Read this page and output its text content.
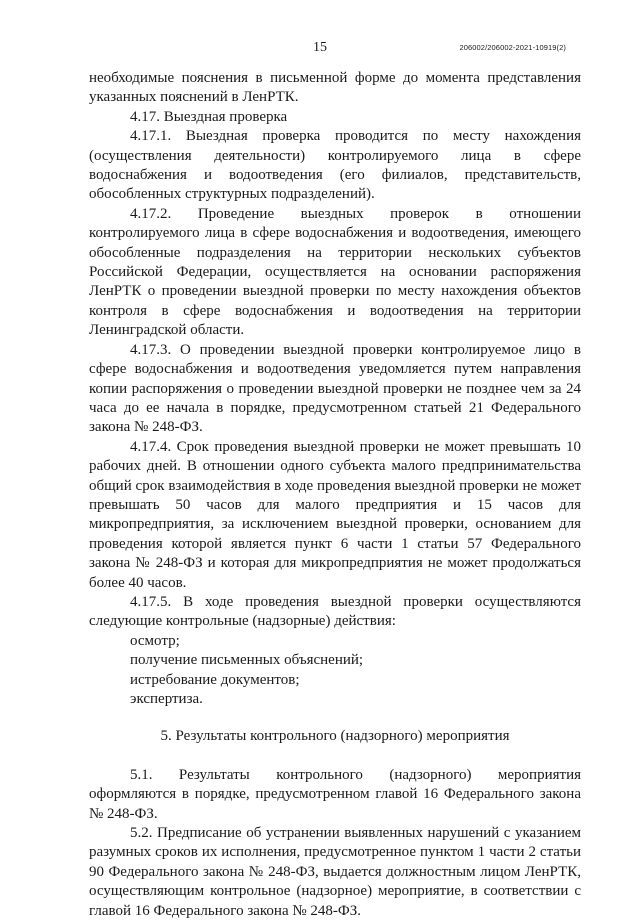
15	206002/206002-2021-10919(2)

необходимые пояснения в письменной форме до момента представления указанных пояснений в ЛенРТК.

4.17. Выездная проверка

4.17.1. Выездная проверка проводится по месту нахождения (осуществления деятельности) контролируемого лица в сфере водоснабжения и водоотведения (его филиалов, представительств, обособленных структурных подразделений).

4.17.2. Проведение выездных проверок в отношении контролируемого лица в сфере водоснабжения и водоотведения, имеющего обособленные подразделения на территории нескольких субъектов Российской Федерации, осуществляется на основании распоряжения ЛенРТК о проведении выездной проверки по месту нахождения объектов контроля в сфере водоснабжения и водоотведения на территории Ленинградской области.

4.17.3. О проведении выездной проверки контролируемое лицо в сфере водоснабжения и водоотведения уведомляется путем направления копии распоряжения о проведении выездной проверки не позднее чем за 24 часа до ее начала в порядке, предусмотренном статьей 21 Федерального закона № 248-ФЗ.

4.17.4. Срок проведения выездной проверки не может превышать 10 рабочих дней. В отношении одного субъекта малого предпринимательства общий срок взаимодействия в ходе проведения выездной проверки не может превышать 50 часов для малого предприятия и 15 часов для микропредприятия, за исключением выездной проверки, основанием для проведения которой является пункт 6 части 1 статьи 57 Федерального закона № 248-ФЗ и которая для микропредприятия не может продолжаться более 40 часов.

4.17.5. В ходе проведения выездной проверки осуществляются следующие контрольные (надзорные) действия:

осмотр;

получение письменных объяснений;

истребование документов;

экспертиза.

5. Результаты контрольного (надзорного) мероприятия

5.1. Результаты контрольного (надзорного) мероприятия оформляются в порядке, предусмотренном главой 16 Федерального закона № 248-ФЗ.

5.2. Предписание об устранении выявленных нарушений с указанием разумных сроков их исполнения, предусмотренное пунктом 1 части 2 статьи 90 Федерального закона № 248-ФЗ, выдается должностным лицом ЛенРТК, осуществляющим контрольное (надзорное) мероприятие, в соответствии с главой 16 Федерального закона № 248-ФЗ.
